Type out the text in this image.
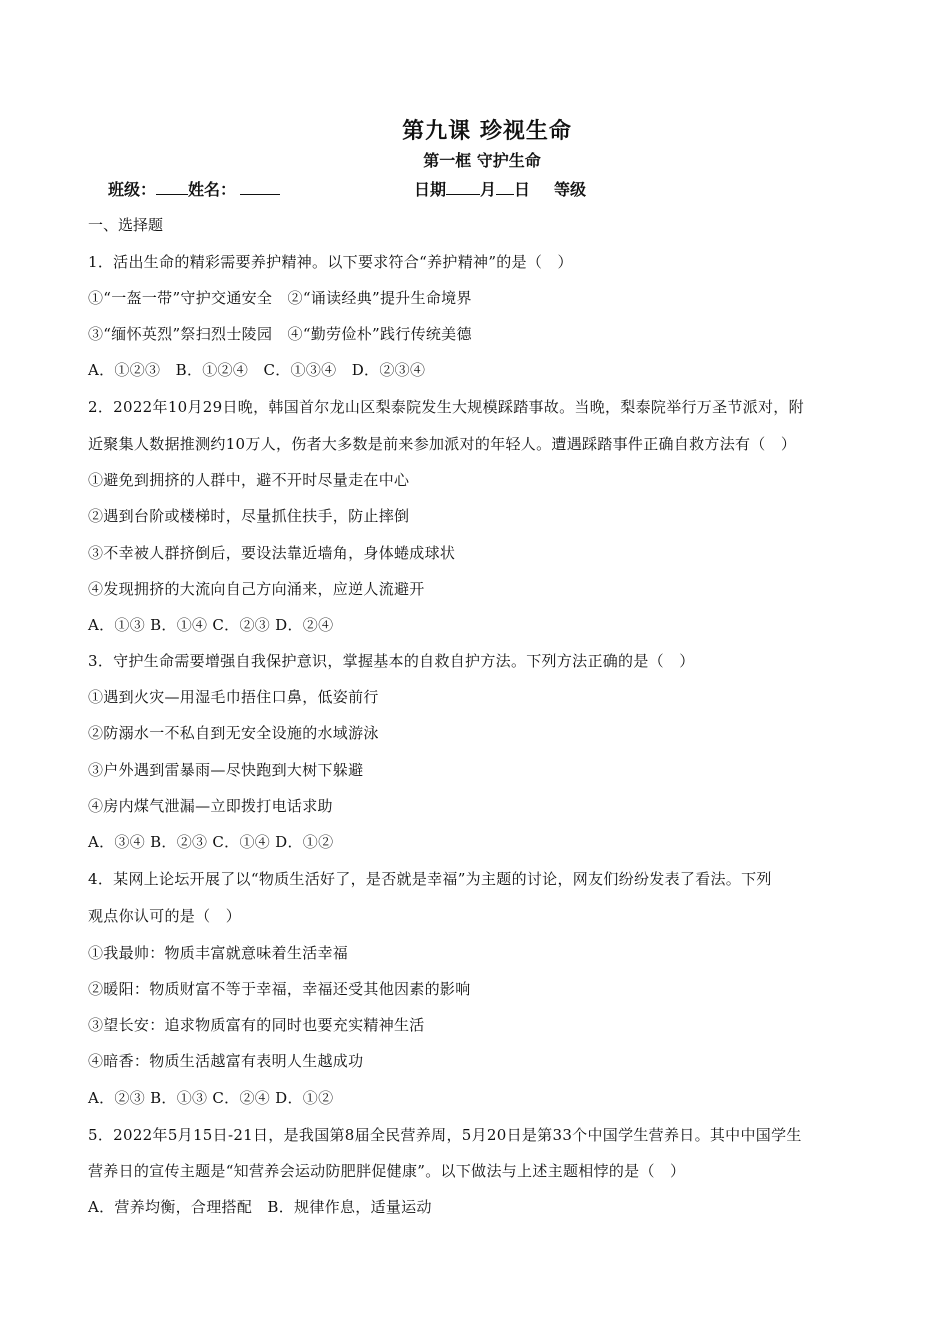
第九课 珍视生命
第一框 守护生命
班级： 姓名：	日期 月 日 等级
一、选择题
1．活出生命的精彩需要养护精神。以下要求符合“养护精神”的是（　）
①“一盔一带”守护交通安全　②“诵读经典”提升生命境界
③“缅怀英烈”祭扫烈士陵园　④“勤劳俭朴”践行传统美德
A．①②③　B．①②④　C．①③④　D．②③④
2．2022年10月29日晚，韩国首尔龙山区梨泰院发生大规模踩踏事故。当晚，梨泰院举行万圣节派对，附
近聚集人数据推测约10万人，伤者大多数是前来参加派对的年轻人。遭遇踩踏事件正确自救方法有（　）
①避免到拥挤的人群中，避不开时尽量走在中心
②遇到台阶或楼梯时，尽量抓住扶手，防止摔倒
③不幸被人群挤倒后，要设法靠近墙角，身体蜷成球状
④发现拥挤的大流向自己方向涌来，应逆人流避开
A．①③ B．①④ C．②③ D．②④
3．守护生命需要增强自我保护意识，掌握基本的自救自护方法。下列方法正确的是（　）
①遇到火灾—用湿毛巾捂住口鼻，低姿前行
②防溺水一不私自到无安全设施的水域游泳
③户外遇到雷暴雨—尽快跑到大树下躲避
④房内煤气泄漏—立即拨打电话求助
A．③④ B．②③ C．①④ D．①②
4．某网上论坛开展了以“物质生活好了，是否就是幸福”为主题的讨论，网友们纷纷发表了看法。下列
观点你认可的是（　）
①我最帅：物质丰富就意味着生活幸福
②暖阳：物质财富不等于幸福，幸福还受其他因素的影响
③望长安：追求物质富有的同时也要充实精神生活
④暗香：物质生活越富有表明人生越成功
A．②③ B．①③ C．②④ D．①②
5．2022年5月15日-21日，是我国第8届全民营养周，5月20日是第33个中国学生营养日。其中中国学生
营养日的宣传主题是“知营养会运动防肥胖促健康”。以下做法与上述主题相悖的是（　）
A．营养均衡，合理搭配　B．规律作息，适量运动
